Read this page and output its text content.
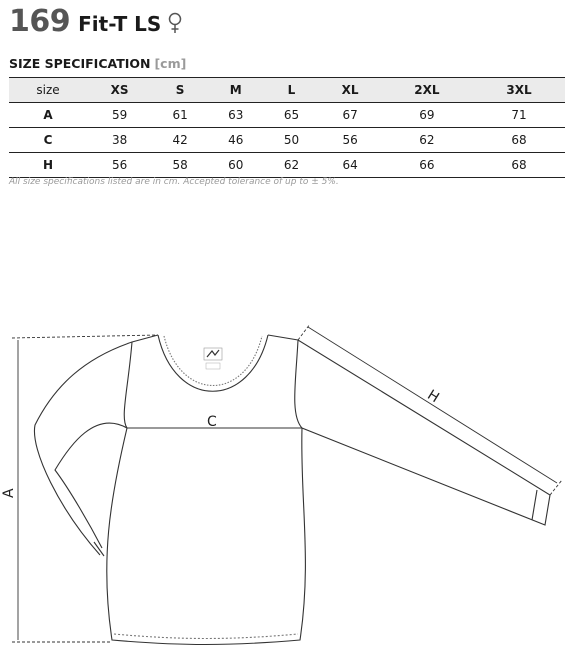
169 Fit-T LS
SIZE SPECIFICATION [cm]
size	XS	S	M	L	XL	2XL	3XL
A	59	61	63	65	67	69	71
C	38	42	46	50	56	62	68
H	56	58	60	62	64	66	68
All size specifications listed are in cm. Accepted tolerance of up to ± 5%.
A
C
H
